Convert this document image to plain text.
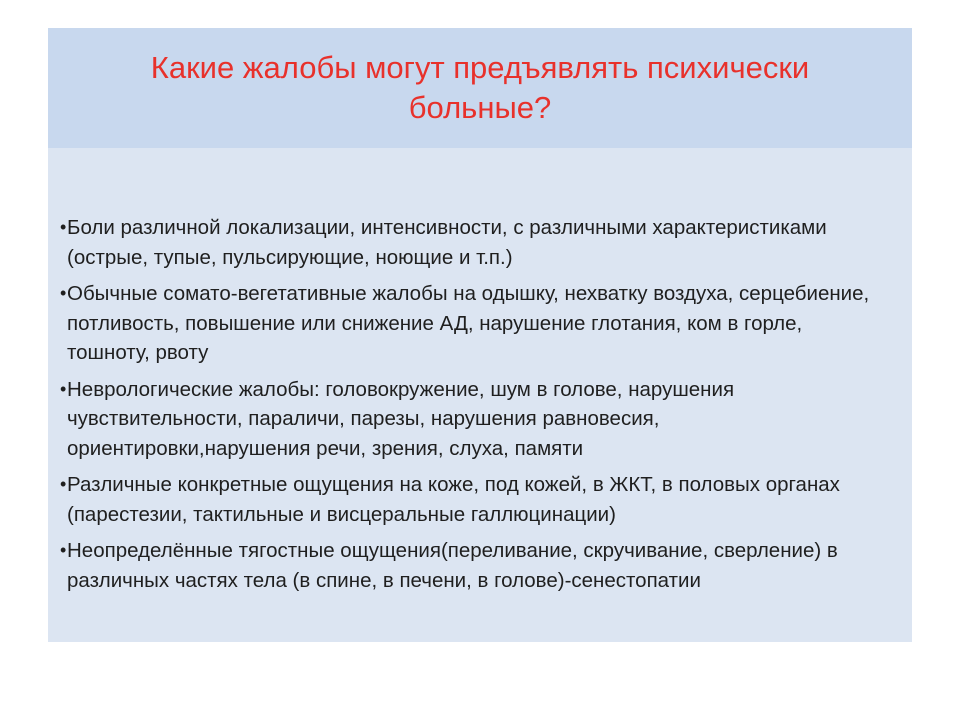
Какие жалобы могут предъявлять психически больные?
• Боли различной локализации, интенсивности, с различными характеристиками (острые, тупые, пульсирующие, ноющие и т.п.)
• Обычные сомато-вегетативные жалобы на одышку, нехватку воздуха, серцебиение, потливость, повышение или снижение АД, нарушение глотания, ком в горле, тошноту, рвоту
• Неврологические жалобы: головокружение, шум в голове, нарушения чувствительности, параличи, парезы, нарушения равновесия, ориентировки,нарушения речи, зрения, слуха, памяти
• Различные конкретные ощущения на коже, под кожей, в ЖКТ, в половых органах (парестезии, тактильные и висцеральные галлюцинации)
• Неопределённые тягостные ощущения(переливание, скручивание, сверление) в различных частях тела (в спине, в печени, в голове)-сенестопатии
